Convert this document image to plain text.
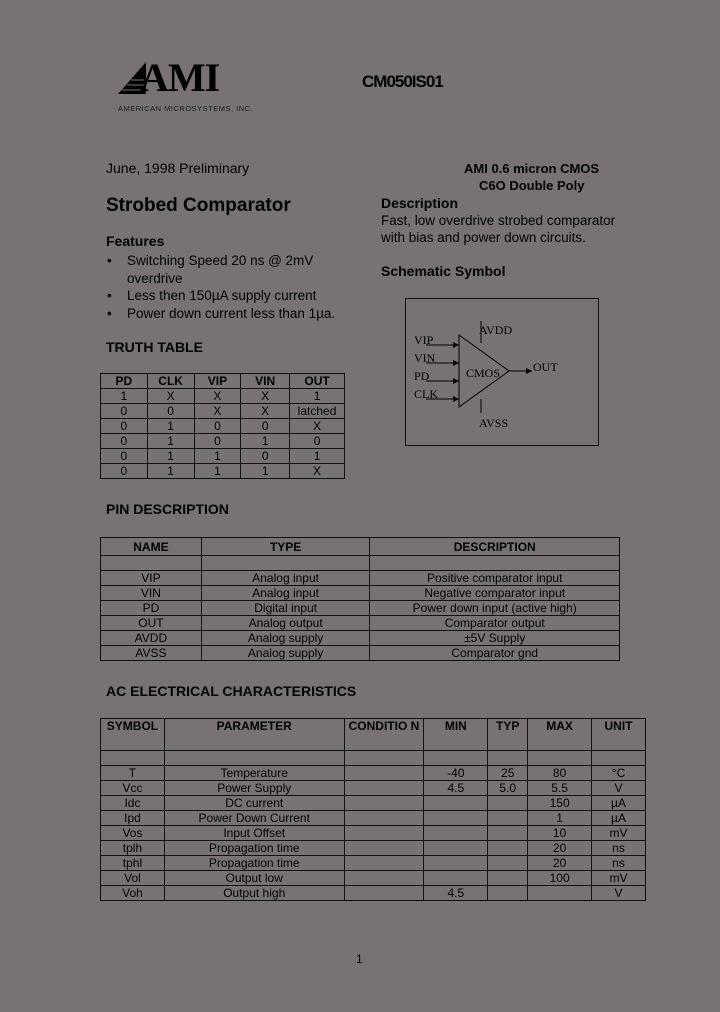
AMI
AMERICAN MICROSYSTEMS, INC.
CM050IS01
June, 1998 Preliminary	AMI 0.6 micron CMOS
C6O Double Poly
Strobed Comparator
Features
• Switching Speed 20 ns @ 2mV
overdrive
• Less then 150µA supply current
• Power down current less than 1µa.
Description
Fast, low overdrive strobed comparator
with bias and power down circuits.
Schematic Symbol
VIP
VIN
PD
CLK
AVDD
AVSS
CMOS	OUT
TRUTH TABLE
PD	CLK	VIP	VIN	OUT
1	X	X	X	1
0	0	X	X	latched
0	1	0	0	X
0	1	0	1	0
0	1	1	0	1
0	1	1	1	X
PIN DESCRIPTION
NAME	TYPE	DESCRIPTION

VIP	Analog input	Positive comparator input
VIN	Analog input	Negative comparator input
PD	Digital input	Power down input (active high)
OUT	Analog output	Comparator output
AVDD	Analog supply	±5V Supply
AVSS	Analog supply	Comparator gnd
AC ELECTRICAL CHARACTERISTICS
SYMBOL	PARAMETER	CONDITIO N	MIN	TYP	MAX	UNIT

T	Temperature		-40	25	80	°C
Vcc	Power Supply		4.5	5.0	5.5	V
Idc	DC current				150	µA
Ipd	Power Down Current				1	µA
Vos	Input Offset				10	mV
tplh	Propagation time				20	ns
tphl	Propagation time				20	ns
Vol	Output low				100	mV
Voh	Output high		4.5			V
1
